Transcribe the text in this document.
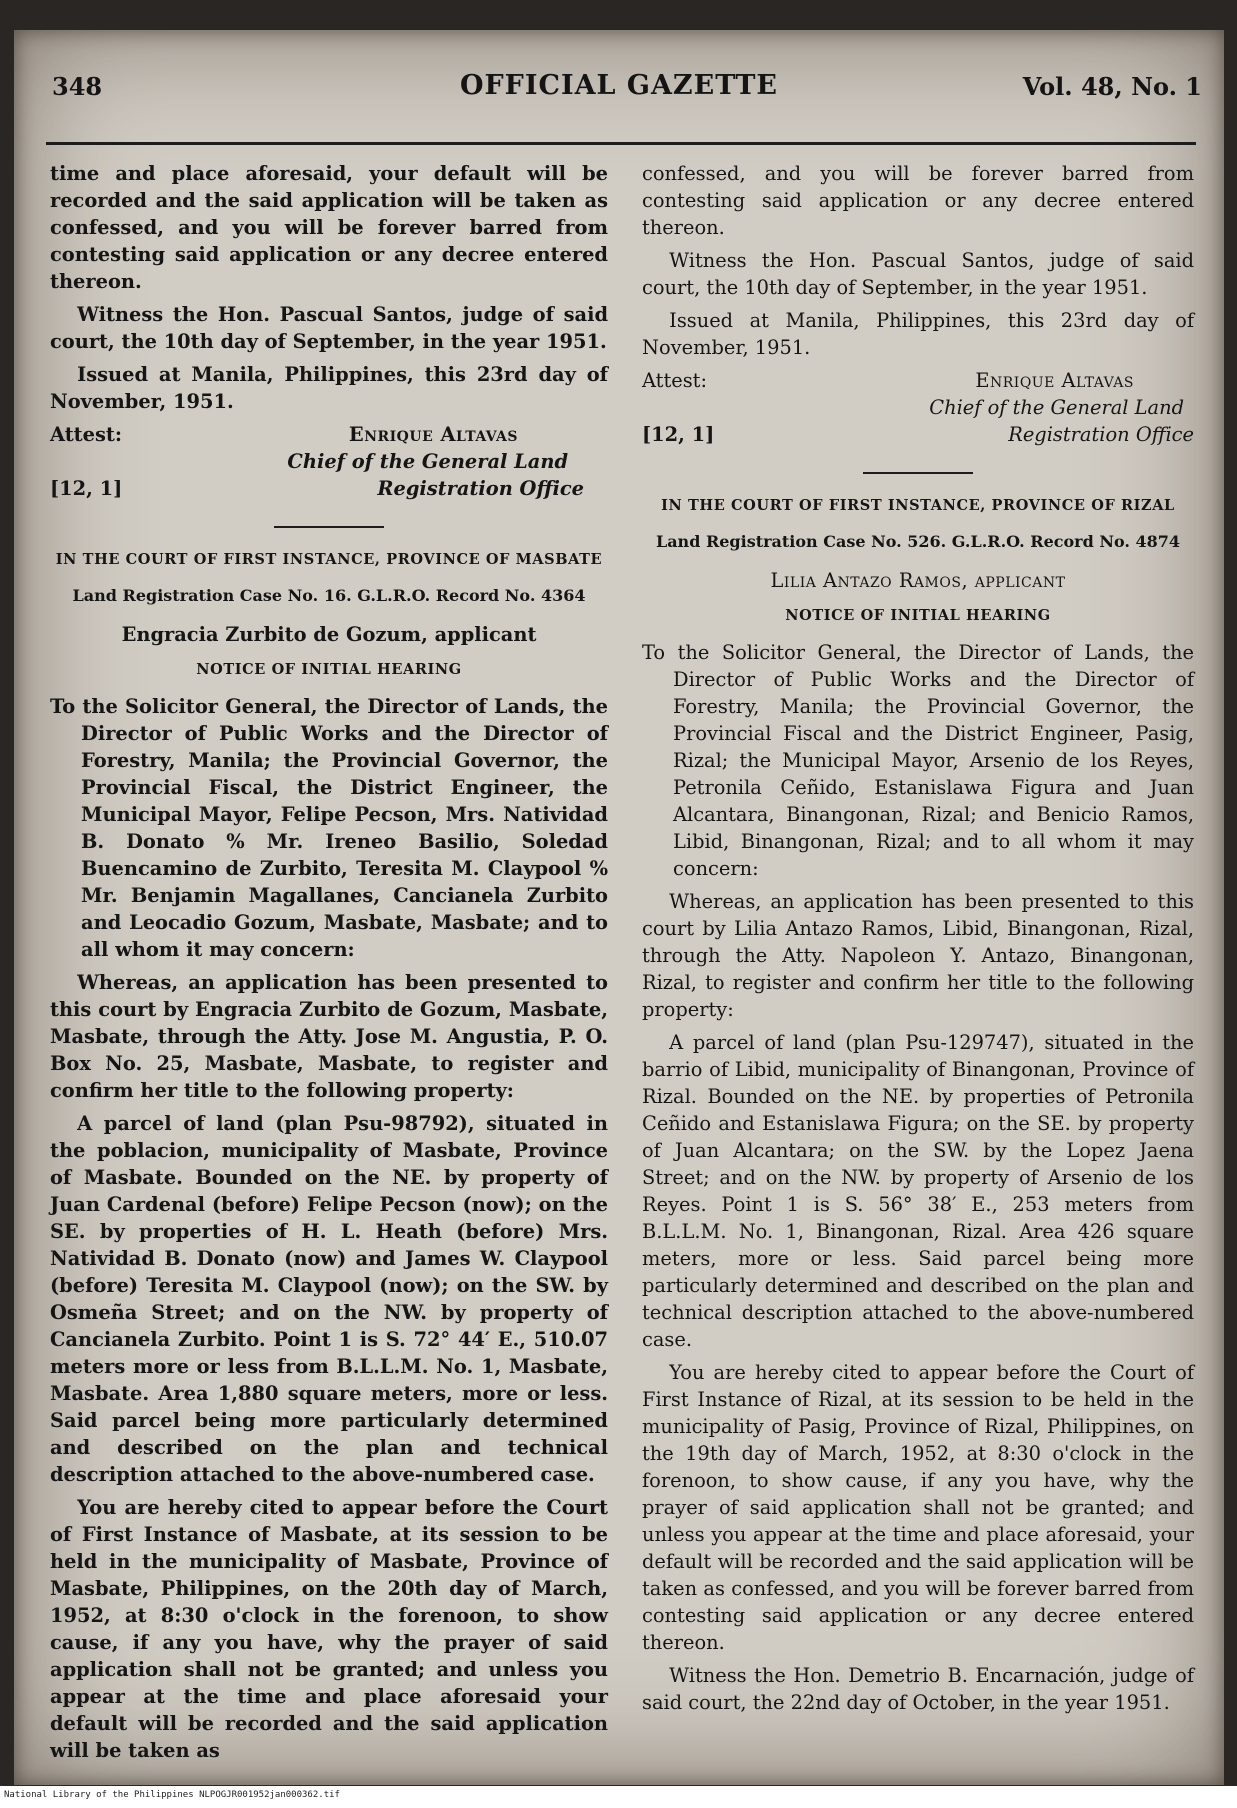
348	OFFICIAL GAZETTE	Vol. 48, No. 1

time and place aforesaid, your default will be recorded and the said application will be taken as confessed, and you will be forever barred from contesting said application or any decree entered thereon.

Witness the Hon. Pascual Santos, judge of said court, the 10th day of September, in the year 1951.

Issued at Manila, Philippines, this 23rd day of November, 1951.

Attest:	Enrique Altavas
Chief of the General Land
[12, 1]	Registration Office
IN THE COURT OF FIRST INSTANCE, PROVINCE OF MASBATE
Land Registration Case No. 16. G.L.R.O. Record No. 4364
Engracia Zurbito de Gozum, applicant
NOTICE OF INITIAL HEARING

To the Solicitor General, the Director of Lands, the Director of Public Works and the Director of Forestry, Manila; the Provincial Governor, the Provincial Fiscal, the District Engineer, the Municipal Mayor, Felipe Pecson, Mrs. Natividad B. Donato % Mr. Ireneo Basilio, Soledad Buencamino de Zurbito, Teresita M. Claypool % Mr. Benjamin Magallanes, Cancianela Zurbito and Leocadio Gozum, Masbate, Masbate; and to all whom it may concern:

Whereas, an application has been presented to this court by Engracia Zurbito de Gozum, Masbate, Masbate, through the Atty. Jose M. Angustia, P. O. Box No. 25, Masbate, Masbate, to register and confirm her title to the following property:

A parcel of land (plan Psu-98792), situated in the poblacion, municipality of Masbate, Province of Masbate. Bounded on the NE. by property of Juan Cardenal (before) Felipe Pecson (now); on the SE. by properties of H. L. Heath (before) Mrs. Natividad B. Donato (now) and James W. Claypool (before) Teresita M. Claypool (now); on the SW. by Osmeña Street; and on the NW. by property of Cancianela Zurbito. Point 1 is S. 72° 44′ E., 510.07 meters more or less from B.L.L.M. No. 1, Masbate, Masbate. Area 1,880 square meters, more or less. Said parcel being more particularly determined and described on the plan and technical description attached to the above-numbered case.

You are hereby cited to appear before the Court of First Instance of Masbate, at its session to be held in the municipality of Masbate, Province of Masbate, Philippines, on the 20th day of March, 1952, at 8:30 o'clock in the forenoon, to show cause, if any you have, why the prayer of said application shall not be granted; and unless you appear at the time and place aforesaid your default will be recorded and the said application will be taken as

confessed, and you will be forever barred from contesting said application or any decree entered thereon.

Witness the Hon. Pascual Santos, judge of said court, the 10th day of September, in the year 1951.

Issued at Manila, Philippines, this 23rd day of November, 1951.

Attest:	Enrique Altavas
Chief of the General Land
[12, 1]	Registration Office
IN THE COURT OF FIRST INSTANCE, PROVINCE OF RIZAL
Land Registration Case No. 526. G.L.R.O. Record No. 4874
Lilia Antazo Ramos, applicant
NOTICE OF INITIAL HEARING

To the Solicitor General, the Director of Lands, the Director of Public Works and the Director of Forestry, Manila; the Provincial Governor, the Provincial Fiscal and the District Engineer, Pasig, Rizal; the Municipal Mayor, Arsenio de los Reyes, Petronila Ceñido, Estanislawa Figura and Juan Alcantara, Binangonan, Rizal; and Benicio Ramos, Libid, Binangonan, Rizal; and to all whom it may concern:

Whereas, an application has been presented to this court by Lilia Antazo Ramos, Libid, Binangonan, Rizal, through the Atty. Napoleon Y. Antazo, Binangonan, Rizal, to register and confirm her title to the following property:

A parcel of land (plan Psu-129747), situated in the barrio of Libid, municipality of Binangonan, Province of Rizal. Bounded on the NE. by properties of Petronila Ceñido and Estanislawa Figura; on the SE. by property of Juan Alcantara; on the SW. by the Lopez Jaena Street; and on the NW. by property of Arsenio de los Reyes. Point 1 is S. 56° 38′ E., 253 meters from B.L.L.M. No. 1, Binangonan, Rizal. Area 426 square meters, more or less. Said parcel being more particularly determined and described on the plan and technical description attached to the above-numbered case.

You are hereby cited to appear before the Court of First Instance of Rizal, at its session to be held in the municipality of Pasig, Province of Rizal, Philippines, on the 19th day of March, 1952, at 8:30 o'clock in the forenoon, to show cause, if any you have, why the prayer of said application shall not be granted; and unless you appear at the time and place aforesaid, your default will be recorded and the said application will be taken as confessed, and you will be forever barred from contesting said application or any decree entered thereon.

Witness the Hon. Demetrio B. Encarnación, judge of said court, the 22nd day of October, in the year 1951.

National Library of the Philippines NLPOGJR001952jan000362.tif
